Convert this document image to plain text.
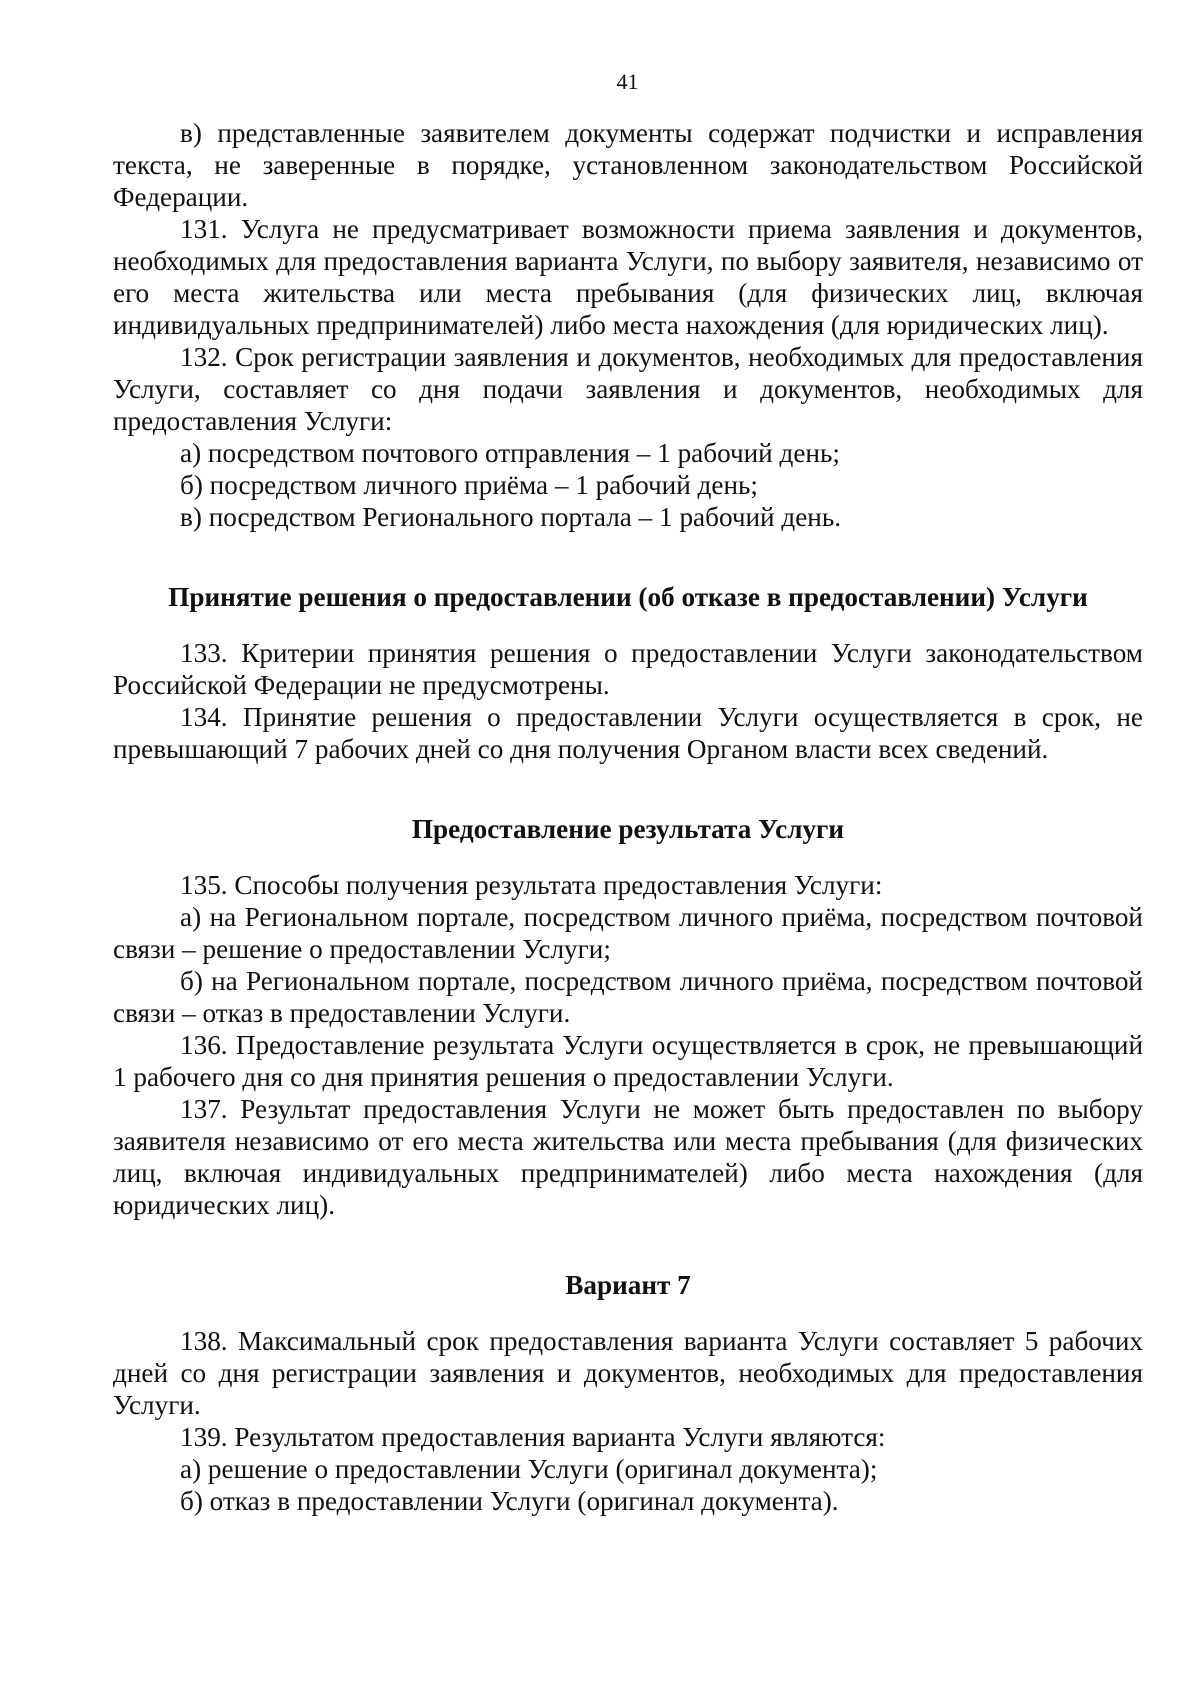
41

в) представленные заявителем документы содержат подчистки и исправления текста, не заверенные в порядке, установленном законодательством Российской Федерации.

131. Услуга не предусматривает возможности приема заявления и документов, необходимых для предоставления варианта Услуги, по выбору заявителя, независимо от его места жительства или места пребывания (для физических лиц, включая индивидуальных предпринимателей) либо места нахождения (для юридических лиц).

132. Срок регистрации заявления и документов, необходимых для предоставления Услуги, составляет со дня подачи заявления и документов, необходимых для предоставления Услуги:

а) посредством почтового отправления – 1 рабочий день;

б) посредством личного приёма – 1 рабочий день;

в) посредством Регионального портала – 1 рабочий день.

Принятие решения о предоставлении (об отказе в предоставлении) Услуги

133. Критерии принятия решения о предоставлении Услуги законодательством Российской Федерации не предусмотрены.

134. Принятие решения о предоставлении Услуги осуществляется в срок, не превышающий 7 рабочих дней со дня получения Органом власти всех сведений.

Предоставление результата Услуги

135. Способы получения результата предоставления Услуги:

а) на Региональном портале, посредством личного приёма, посредством почтовой связи – решение о предоставлении Услуги;

б) на Региональном портале, посредством личного приёма, посредством почтовой связи – отказ в предоставлении Услуги.

136. Предоставление результата Услуги осуществляется в срок, не превышающий 1 рабочего дня со дня принятия решения о предоставлении Услуги.

137. Результат предоставления Услуги не может быть предоставлен по выбору заявителя независимо от его места жительства или места пребывания (для физических лиц, включая индивидуальных предпринимателей) либо места нахождения (для юридических лиц).

Вариант 7

138. Максимальный срок предоставления варианта Услуги составляет 5 рабочих дней со дня регистрации заявления и документов, необходимых для предоставления Услуги.

139. Результатом предоставления варианта Услуги являются:

а) решение о предоставлении Услуги (оригинал документа);

б) отказ в предоставлении Услуги (оригинал документа).
